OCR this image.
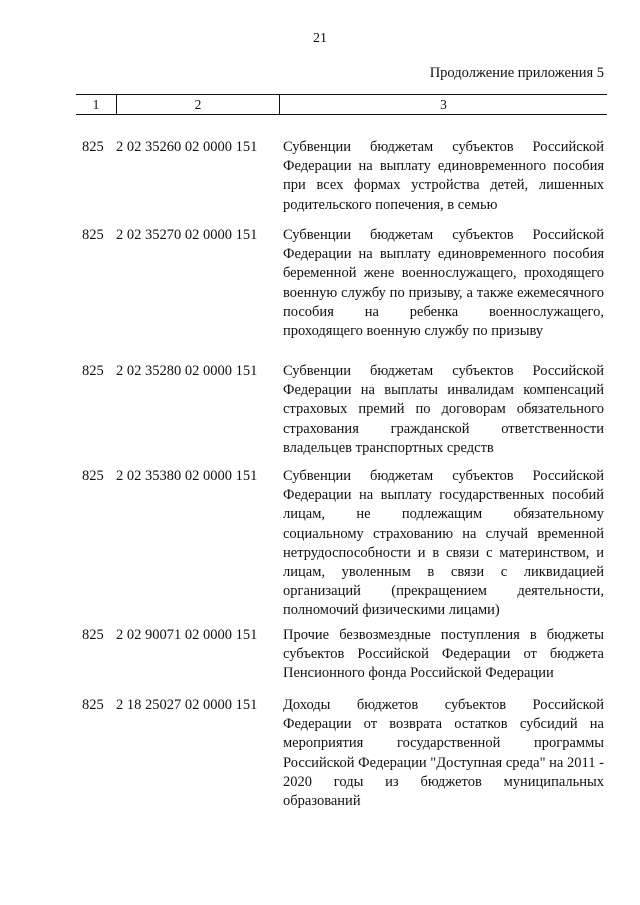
21
Продолжение приложения 5
1	2	3
825 2 02 35260 02 0000 151 Субвенции бюджетам субъектов Российской Федерации на выплату единовременного пособия при всех формах устройства детей, лишенных родительского попечения, в семью

825 2 02 35270 02 0000 151 Субвенции бюджетам субъектов Российской Федерации на выплату единовременного пособия беременной жене военнослужащего, проходящего военную службу по призыву, а также ежемесячного пособия на ребенка военнослужащего, проходящего военную службу по призыву

825 2 02 35280 02 0000 151 Субвенции бюджетам субъектов Российской Федерации на выплаты инвалидам компенсаций страховых премий по договорам обязательного страхования гражданской ответственности владельцев транспортных средств

825 2 02 35380 02 0000 151 Субвенции бюджетам субъектов Российской Федерации на выплату государственных пособий лицам, не подлежащим обязательному социальному страхованию на случай временной нетрудоспособности и в связи с материнством, и лицам, уволенным в связи с ликвидацией организаций (прекращением деятельности, полномочий физическими лицами)

825 2 02 90071 02 0000 151 Прочие безвозмездные поступления в бюджеты субъектов Российской Федерации от бюджета Пенсионного фонда Российской Федерации

825 2 18 25027 02 0000 151 Доходы бюджетов субъектов Российской Федерации от возврата остатков субсидий на мероприятия государственной программы Российской Федерации "Доступная среда" на 2011 - 2020 годы из бюджетов муниципальных образований
